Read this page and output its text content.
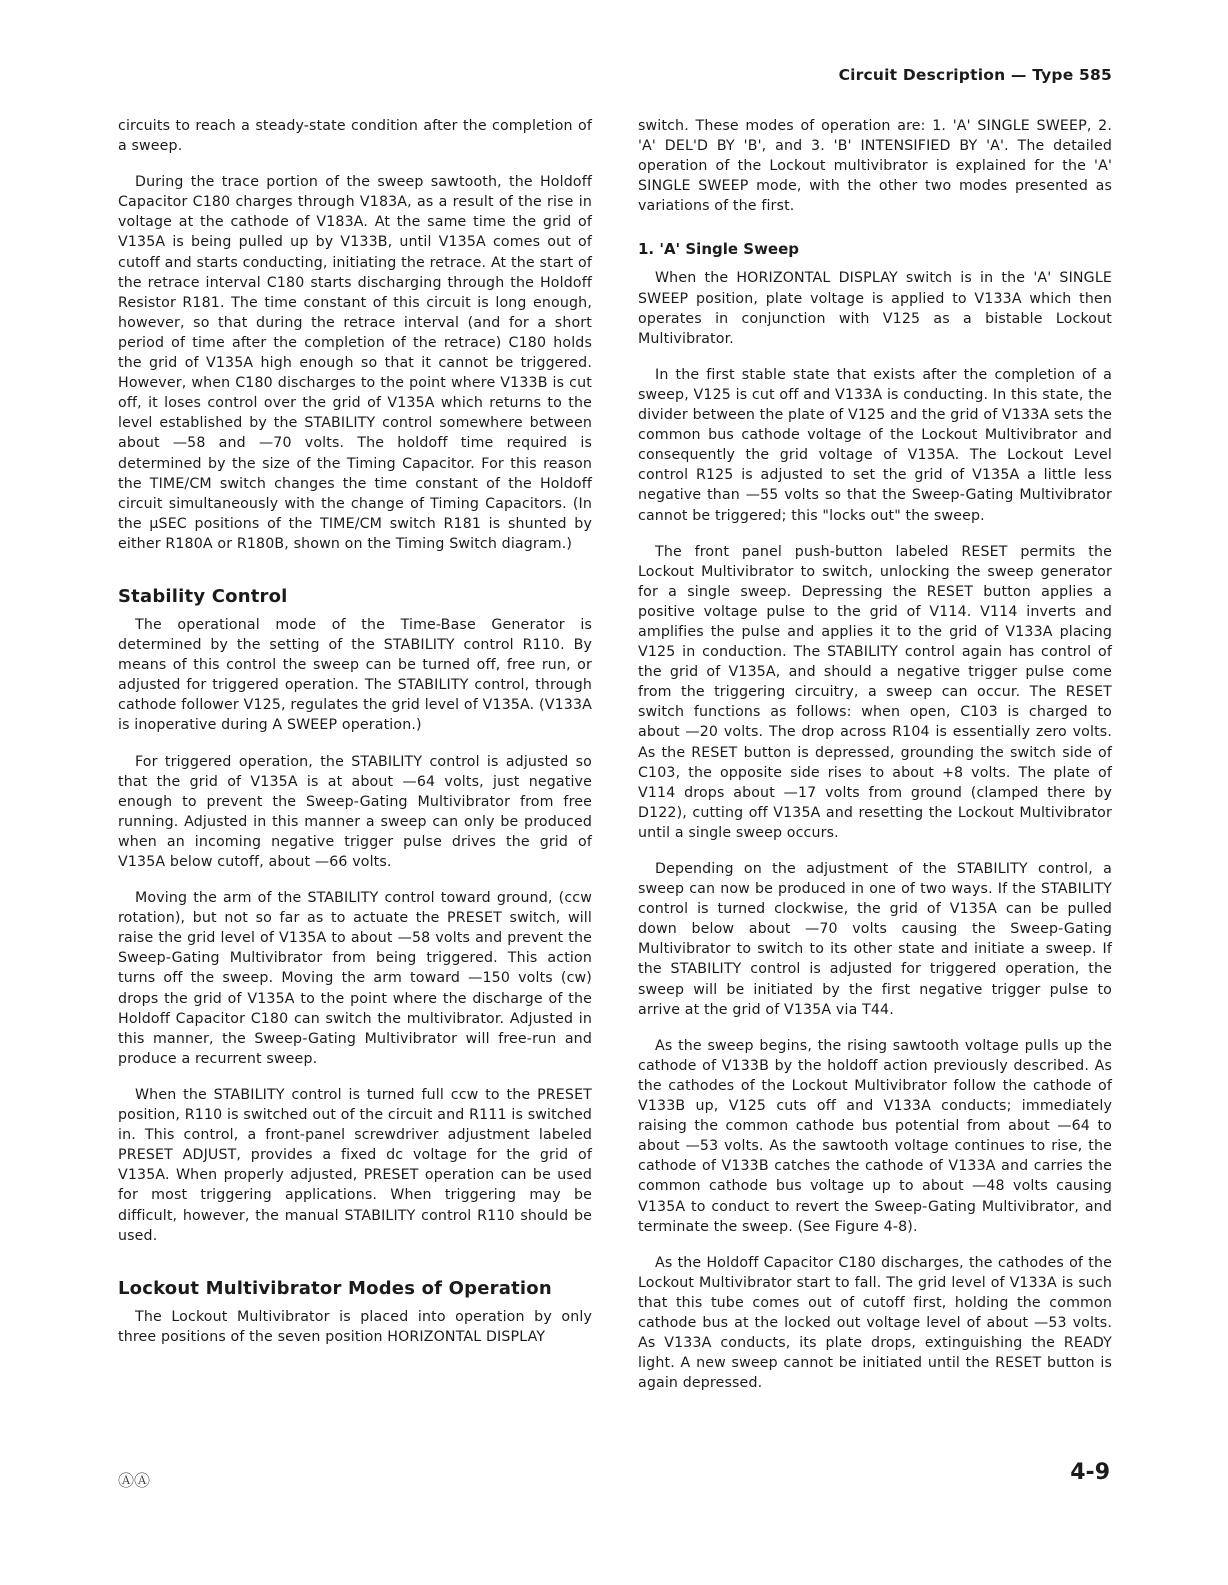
Circuit Description — Type 585

circuits to reach a steady-state condition after the completion of a sweep.

During the trace portion of the sweep sawtooth, the Holdoff Capacitor C180 charges through V183A, as a result of the rise in voltage at the cathode of V183A. At the same time the grid of V135A is being pulled up by V133B, until V135A comes out of cutoff and starts conducting, initiating the retrace. At the start of the retrace interval C180 starts discharging through the Holdoff Resistor R181. The time constant of this circuit is long enough, however, so that during the retrace interval (and for a short period of time after the completion of the retrace) C180 holds the grid of V135A high enough so that it cannot be triggered. However, when C180 discharges to the point where V133B is cut off, it loses control over the grid of V135A which returns to the level established by the STABILITY control somewhere between about —58 and —70 volts. The holdoff time required is determined by the size of the Timing Capacitor. For this reason the TIME/CM switch changes the time constant of the Holdoff circuit simultaneously with the change of Timing Capacitors. (In the μSEC positions of the TIME/CM switch R181 is shunted by either R180A or R180B, shown on the Timing Switch diagram.)

Stability Control

The operational mode of the Time-Base Generator is determined by the setting of the STABILITY control R110. By means of this control the sweep can be turned off, free run, or adjusted for triggered operation. The STABILITY control, through cathode follower V125, regulates the grid level of V135A. (V133A is inoperative during A SWEEP operation.)

For triggered operation, the STABILITY control is adjusted so that the grid of V135A is at about —64 volts, just negative enough to prevent the Sweep-Gating Multivibrator from free running. Adjusted in this manner a sweep can only be produced when an incoming negative trigger pulse drives the grid of V135A below cutoff, about —66 volts.

Moving the arm of the STABILITY control toward ground, (ccw rotation), but not so far as to actuate the PRESET switch, will raise the grid level of V135A to about —58 volts and prevent the Sweep-Gating Multivibrator from being triggered. This action turns off the sweep. Moving the arm toward —150 volts (cw) drops the grid of V135A to the point where the discharge of the Holdoff Capacitor C180 can switch the multivibrator. Adjusted in this manner, the Sweep-Gating Multivibrator will free-run and produce a recurrent sweep.

When the STABILITY control is turned full ccw to the PRESET position, R110 is switched out of the circuit and R111 is switched in. This control, a front-panel screwdriver adjustment labeled PRESET ADJUST, provides a fixed dc voltage for the grid of V135A. When properly adjusted, PRESET operation can be used for most triggering applications. When triggering may be difficult, however, the manual STABILITY control R110 should be used.

Lockout Multivibrator Modes of Operation

The Lockout Multivibrator is placed into operation by only three positions of the seven position HORIZONTAL DISPLAY

switch. These modes of operation are: 1. 'A' SINGLE SWEEP, 2. 'A' DEL'D BY 'B', and 3. 'B' INTENSIFIED BY 'A'. The detailed operation of the Lockout multivibrator is explained for the 'A' SINGLE SWEEP mode, with the other two modes presented as variations of the first.

1. 'A' Single Sweep

When the HORIZONTAL DISPLAY switch is in the 'A' SINGLE SWEEP position, plate voltage is applied to V133A which then operates in conjunction with V125 as a bistable Lockout Multivibrator.

In the first stable state that exists after the completion of a sweep, V125 is cut off and V133A is conducting. In this state, the divider between the plate of V125 and the grid of V133A sets the common bus cathode voltage of the Lockout Multivibrator and consequently the grid voltage of V135A. The Lockout Level control R125 is adjusted to set the grid of V135A a little less negative than —55 volts so that the Sweep-Gating Multivibrator cannot be triggered; this "locks out" the sweep.

The front panel push-button labeled RESET permits the Lockout Multivibrator to switch, unlocking the sweep generator for a single sweep. Depressing the RESET button applies a positive voltage pulse to the grid of V114. V114 inverts and amplifies the pulse and applies it to the grid of V133A placing V125 in conduction. The STABILITY control again has control of the grid of V135A, and should a negative trigger pulse come from the triggering circuitry, a sweep can occur. The RESET switch functions as follows: when open, C103 is charged to about —20 volts. The drop across R104 is essentially zero volts. As the RESET button is depressed, grounding the switch side of C103, the opposite side rises to about +8 volts. The plate of V114 drops about —17 volts from ground (clamped there by D122), cutting off V135A and resetting the Lockout Multivibrator until a single sweep occurs.

Depending on the adjustment of the STABILITY control, a sweep can now be produced in one of two ways. If the STABILITY control is turned clockwise, the grid of V135A can be pulled down below about —70 volts causing the Sweep-Gating Multivibrator to switch to its other state and initiate a sweep. If the STABILITY control is adjusted for triggered operation, the sweep will be initiated by the first negative trigger pulse to arrive at the grid of V135A via T44.

As the sweep begins, the rising sawtooth voltage pulls up the cathode of V133B by the holdoff action previously described. As the cathodes of the Lockout Multivibrator follow the cathode of V133B up, V125 cuts off and V133A conducts; immediately raising the common cathode bus potential from about —64 to about —53 volts. As the sawtooth voltage continues to rise, the cathode of V133B catches the cathode of V133A and carries the common cathode bus voltage up to about —48 volts causing V135A to conduct to revert the Sweep-Gating Multivibrator, and terminate the sweep. (See Figure 4-8).

As the Holdoff Capacitor C180 discharges, the cathodes of the Lockout Multivibrator start to fall. The grid level of V133A is such that this tube comes out of cutoff first, holding the common cathode bus at the locked out voltage level of about —53 volts. As V133A conducts, its plate drops, extinguishing the READY light. A new sweep cannot be initiated until the RESET button is again depressed.

ⒶⒶ	4-9
